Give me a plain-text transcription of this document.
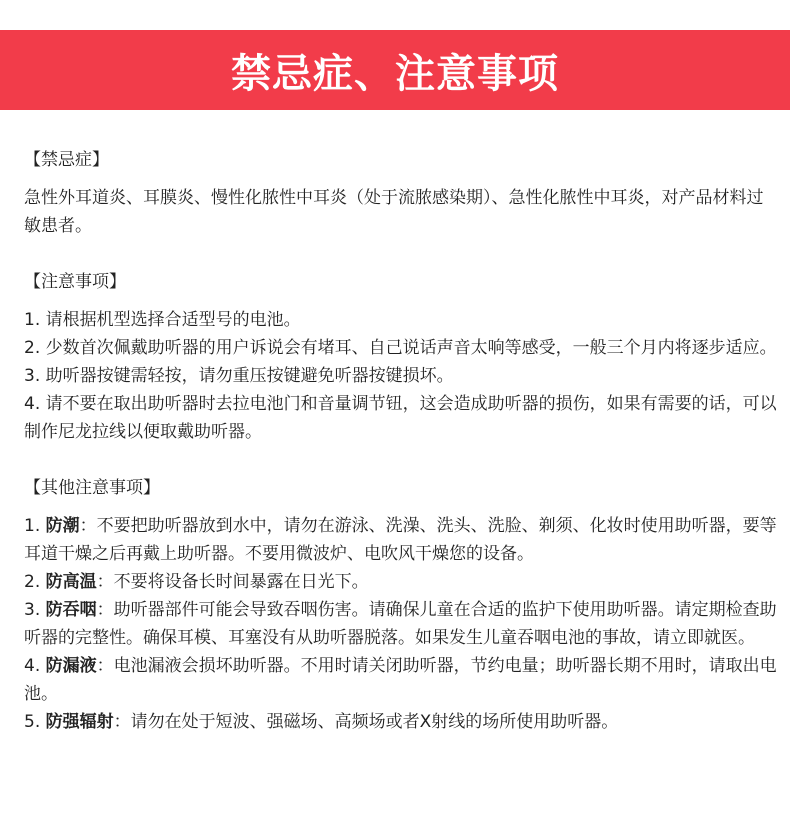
禁忌症、注意事项
【禁忌症】
急性外耳道炎、耳膜炎、慢性化脓性中耳炎（处于流脓感染期）、急性化脓性中耳炎，对产品材料过敏患者。
【注意事项】
1. 请根据机型选择合适型号的电池。
2. 少数首次佩戴助听器的用户诉说会有堵耳、自己说话声音太响等感受，一般三个月内将逐步适应。
3. 助听器按键需轻按，请勿重压按键避免听器按键损坏。
4. 请不要在取出助听器时去拉电池门和音量调节钮，这会造成助听器的损伤，如果有需要的话，可以制作尼龙拉线以便取戴助听器。
【其他注意事项】
1. 防潮：不要把助听器放到水中，请勿在游泳、洗澡、洗头、洗脸、剃须、化妆时使用助听器，要等耳道干燥之后再戴上助听器。不要用微波炉、电吹风干燥您的设备。
2. 防高温：不要将设备长时间暴露在日光下。
3. 防吞咽：助听器部件可能会导致吞咽伤害。请确保儿童在合适的监护下使用助听器。请定期检查助听器的完整性。确保耳模、耳塞没有从助听器脱落。如果发生儿童吞咽电池的事故，请立即就医。
4. 防漏液：电池漏液会损坏助听器。不用时请关闭助听器，节约电量；助听器长期不用时，请取出电池。
5. 防强辐射：请勿在处于短波、强磁场、高频场或者X射线的场所使用助听器。
